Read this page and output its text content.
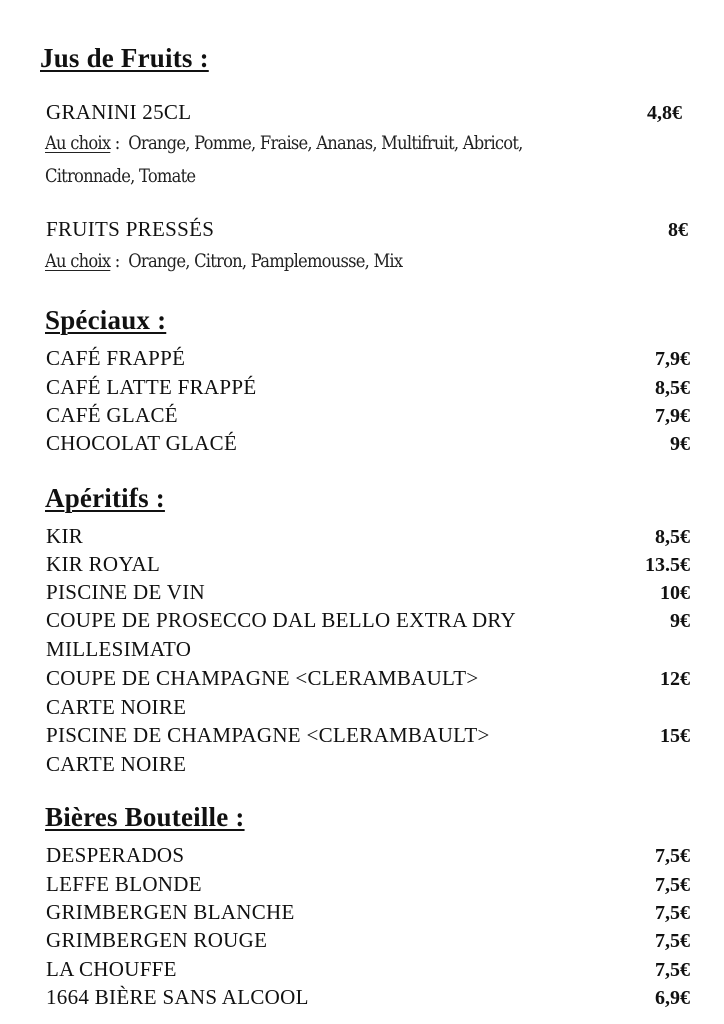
Jus de Fruits :
GRANINI 25CL	4,8€
Au choix :  Orange, Pomme, Fraise, Ananas, Multifruit, Abricot,
Citronnade, Tomate
FRUITS PRESSÉS	8€
Au choix :  Orange, Citron, Pamplemousse, Mix
Spéciaux :
CAFÉ FRAPPÉ	7,9€
CAFÉ LATTE FRAPPÉ	8,5€
CAFÉ GLACÉ	7,9€
CHOCOLAT GLACÉ	9€
Apéritifs :
KIR	8,5€
KIR ROYAL	13.5€
PISCINE DE VIN	10€
COUPE DE PROSECCO DAL BELLO EXTRA DRY	9€
MILLESIMATO
COUPE DE CHAMPAGNE <CLERAMBAULT>	12€
CARTE NOIRE
PISCINE DE CHAMPAGNE <CLERAMBAULT>	15€
CARTE NOIRE
Bières Bouteille :
DESPERADOS	7,5€
LEFFE BLONDE	7,5€
GRIMBERGEN BLANCHE	7,5€
GRIMBERGEN ROUGE	7,5€
LA CHOUFFE	7,5€
1664 BIÈRE SANS ALCOOL	6,9€
